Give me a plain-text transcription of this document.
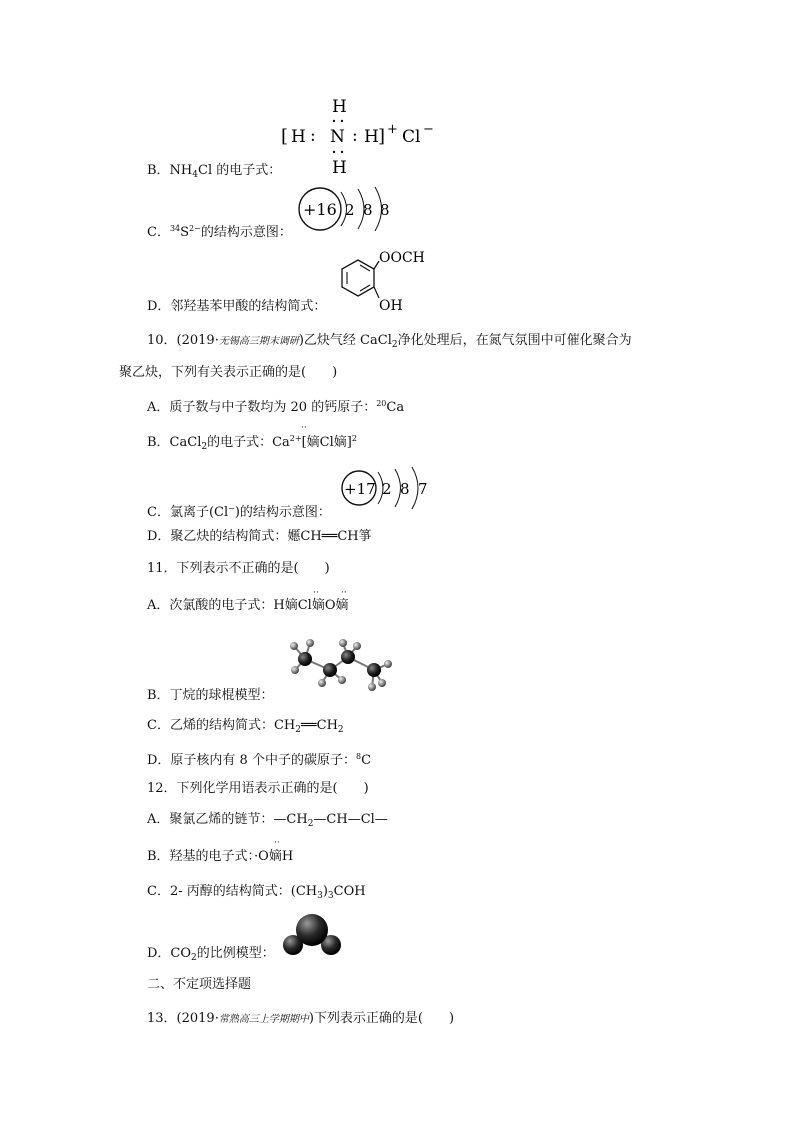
H
[ H : N : H ] + Cl −
H
B．$NH_4Cl$ 的电子式：
+16 2 8 8
C．$^{34}S^{2-}$的结构示意图：
OOCH
OH
D．邻羟基苯甲酸的结构简式：
10．(2019·无锡高三期末调研)乙炔气经 CaCl$_2$净化处理后，在氮气氛围中可催化聚合为
聚乙炔，下列有关表示正确的是(　　)
A．质子数与中子数均为 20 的钙原子：$^{20}$Ca
··
B．CaCl$_2$的电子式：$Ca^{2+}$[嫡Cl嫡]$^2$
+17 2 8 7
C．氯离子(Cl−)的结构示意图：
D．聚乙炔的结构简式：嬺CH══CH箏
11．下列表示不正确的是(　　)
·· ··
A．次氯酸的电子式：H嫡Cl嫡O嫡
B．丁烷的球棍模型：
C．乙烯的结构简式：$CH_2══CH_2$
D．原子核内有 8 个中子的碳原子：$^8$C
12．下列化学用语表示正确的是(　　)
A．聚氯乙烯的链节：$—CH_2—CH—Cl—$
··
B．羟基的电子式：·O嫡H
C．2- 丙醇的结构简式：$(CH_3)_3COH$
D．$CO_2$的比例模型：
二、不定项选择题
13．(2019·常熟高三上学期期中)下列表示正确的是(　　)
